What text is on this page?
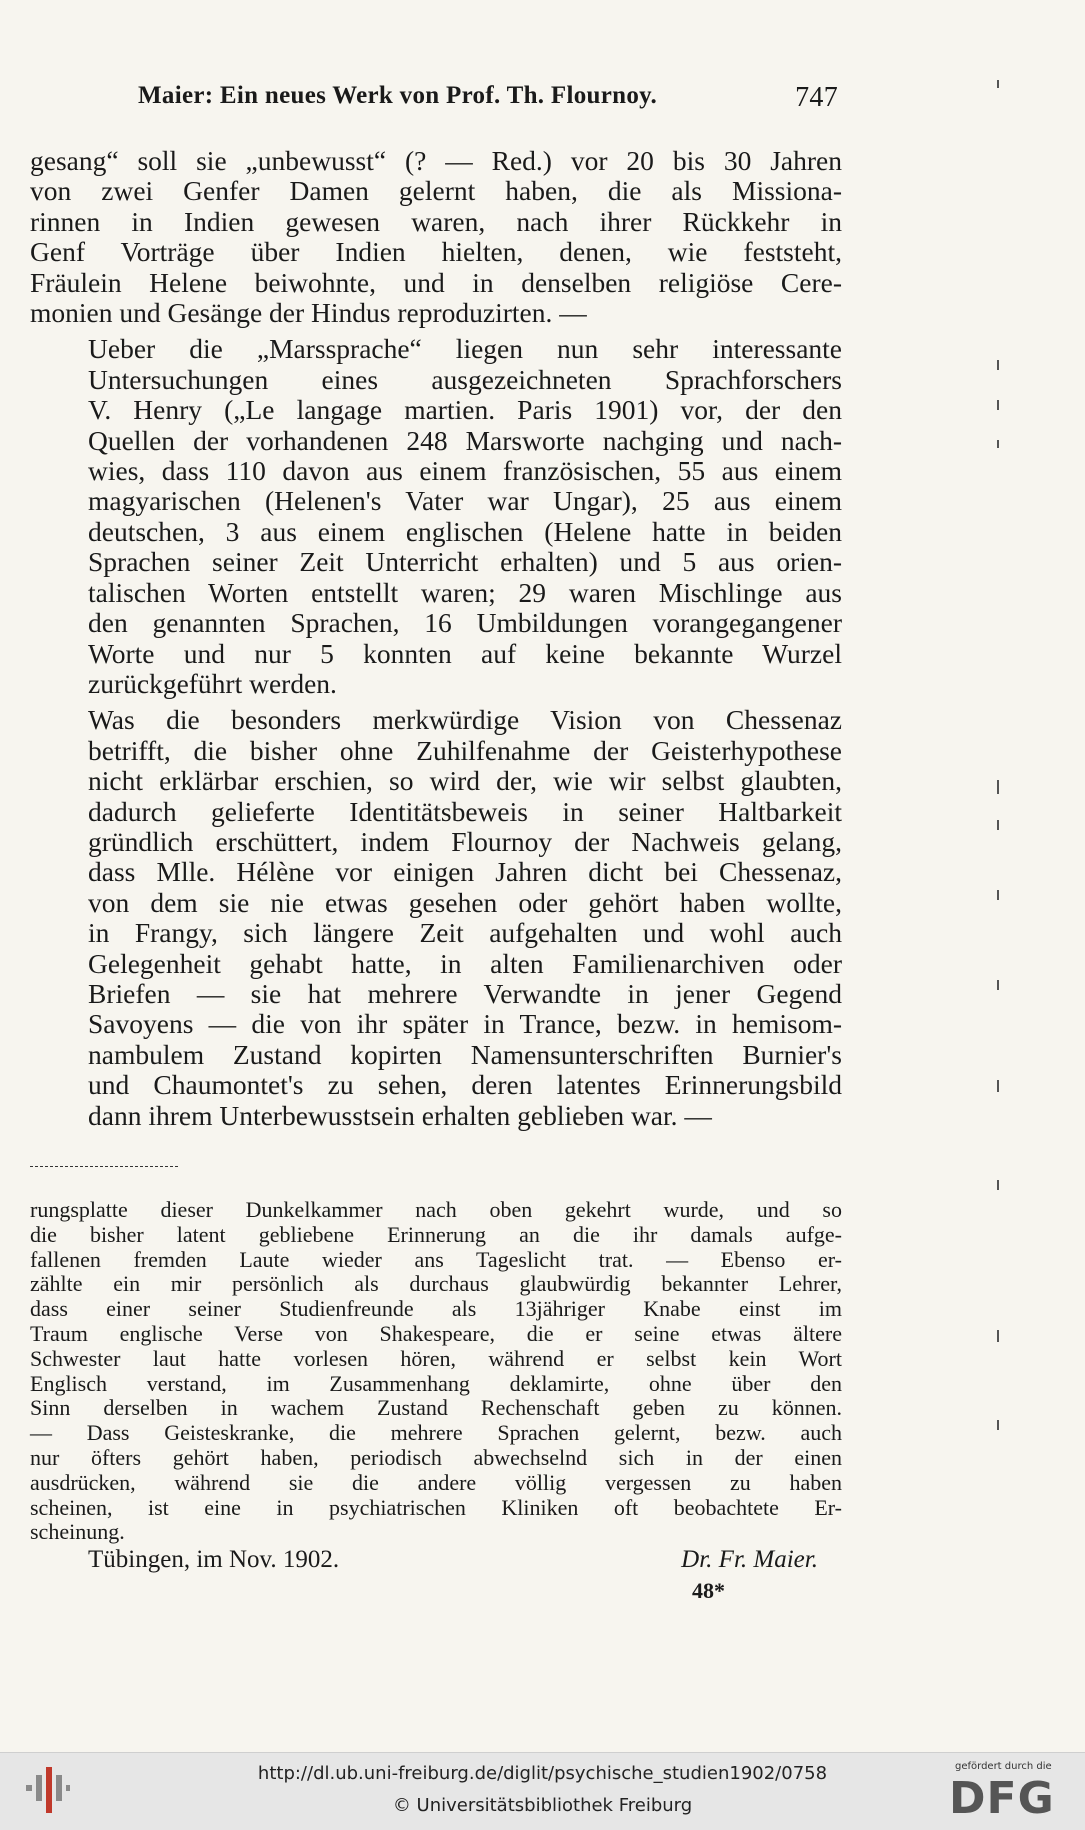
Maier: Ein neues Werk von Prof. Th. Flournoy.	747

gesang“ soll sie „unbewusst“ (? — Red.) vor 20 bis 30 Jahren
von zwei Genfer Damen gelernt haben, die als Missiona-
rinnen in Indien gewesen waren, nach ihrer Rückkehr in
Genf Vorträge über Indien hielten, denen, wie feststeht,
Fräulein Helene beiwohnte, und in denselben religiöse Cere-
monien und Gesänge der Hindus reproduzirten. —

Ueber die „Marssprache“ liegen nun sehr interessante
Untersuchungen eines ausgezeichneten Sprachforschers
V. Henry („Le langage martien. Paris 1901) vor, der den
Quellen der vorhandenen 248 Marsworte nachging und nach-
wies, dass 110 davon aus einem französischen, 55 aus einem
magyarischen (Helenen's Vater war Ungar), 25 aus einem
deutschen, 3 aus einem englischen (Helene hatte in beiden
Sprachen seiner Zeit Unterricht erhalten) und 5 aus orien-
talischen Worten entstellt waren; 29 waren Mischlinge aus
den genannten Sprachen, 16 Umbildungen vorangegangener
Worte und nur 5 konnten auf keine bekannte Wurzel
zurückgeführt werden.

Was die besonders merkwürdige Vision von Chessenaz
betrifft, die bisher ohne Zuhilfenahme der Geisterhypothese
nicht erklärbar erschien, so wird der, wie wir selbst glaubten,
dadurch gelieferte Identitätsbeweis in seiner Haltbarkeit
gründlich erschüttert, indem Flournoy der Nachweis gelang,
dass Mlle. Hélène vor einigen Jahren dicht bei Chessenaz,
von dem sie nie etwas gesehen oder gehört haben wollte,
in Frangy, sich längere Zeit aufgehalten und wohl auch
Gelegenheit gehabt hatte, in alten Familienarchiven oder
Briefen — sie hat mehrere Verwandte in jener Gegend
Savoyens — die von ihr später in Trance, bezw. in hemisom-
nambulem Zustand kopirten Namensunterschriften Burnier's
und Chaumontet's zu sehen, deren latentes Erinnerungsbild
dann ihrem Unterbewusstsein erhalten geblieben war. —

rungsplatte dieser Dunkelkammer nach oben gekehrt wurde, und so
die bisher latent gebliebene Erinnerung an die ihr damals aufge-
fallenen fremden Laute wieder ans Tageslicht trat. — Ebenso er-
zählte ein mir persönlich als durchaus glaubwürdig bekannter Lehrer,
dass einer seiner Studienfreunde als 13jähriger Knabe einst im
Traum englische Verse von Shakespeare, die er seine etwas ältere
Schwester laut hatte vorlesen hören, während er selbst kein Wort
Englisch verstand, im Zusammenhang deklamirte, ohne über den
Sinn derselben in wachem Zustand Rechenschaft geben zu können.
— Dass Geisteskranke, die mehrere Sprachen gelernt, bezw. auch
nur öfters gehört haben, periodisch abwechselnd sich in der einen
ausdrücken, während sie die andere völlig vergessen zu haben
scheinen, ist eine in psychiatrischen Kliniken oft beobachtete Er-
scheinung.
Tübingen, im Nov. 1902.	Dr. Fr. Maier.
48*
http://dl.ub.uni-freiburg.de/diglit/psychische_studien1902/0758
© Universitätsbibliothek Freiburg
gefördert durch die
DFG
